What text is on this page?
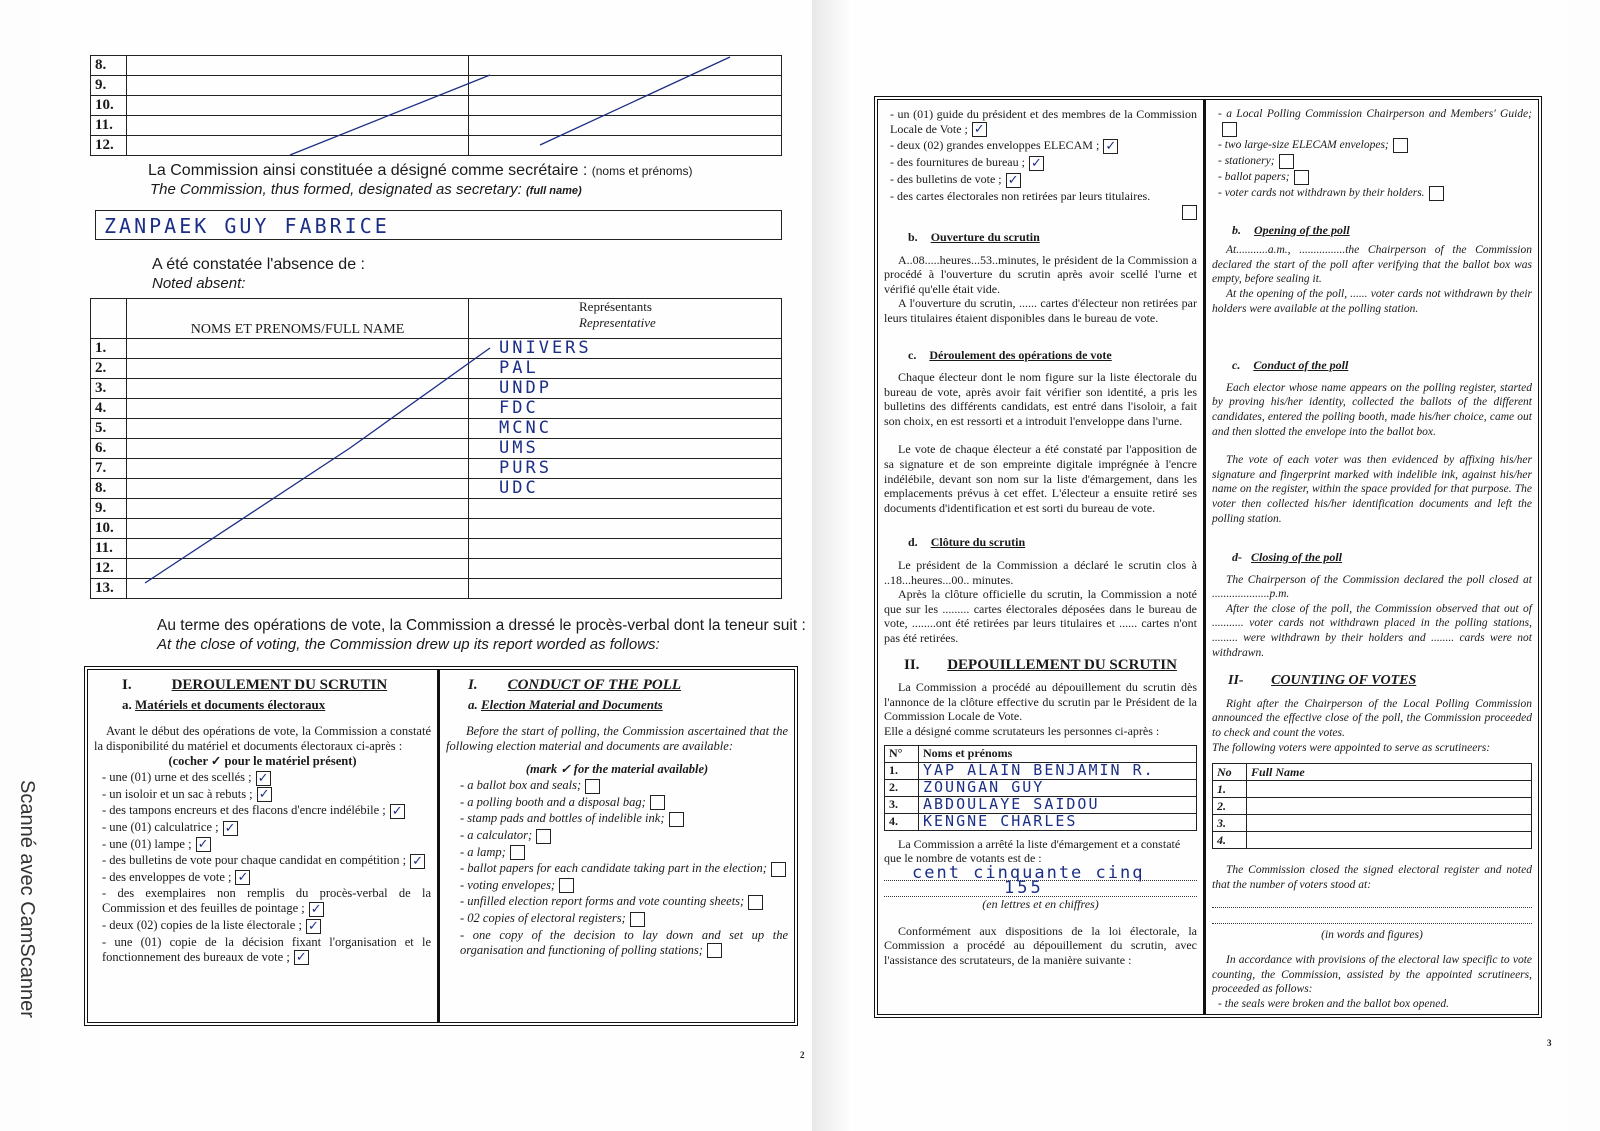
8.		
9.		
10.		
11.		
12.		
La Commission ainsi constituée a désigné comme secrétaire : (noms et prénoms)
The Commission, thus formed, designated as secretary: (full name)
ZANPAEK GUY FABRICE
A été constatée l'absence de :
Noted absent:
	NOMS ET PRENOMS/FULL NAME	Représentants
Representative

1.		UNIVERS
2.		PAL
3.		UNDP
4.		FDC
5.		MCNC
6.		UMS
7.		PURS
8.		UDC
9.		
10.		
11.		
12.		
13.		
Au terme des opérations de vote, la Commission a dressé le procès-verbal dont la teneur suit :
At the close of voting, the Commission drew up its report worded as follows:
I.	DEROULEMENT DU SCRUTIN
a. Matériels et documents électoraux

Avant le début des opérations de vote, la Commission a constaté la disponibilité du matériel et documents électoraux ci-après :

(cocher ✓ pour le matériel présent)

- une (01) urne et des scellés ; ✓
- un isoloir et un sac à rebuts ; ✓
- des tampons encreurs et des flacons d'encre indélébile ; ✓
- une (01) calculatrice ; ✓
- une (01) lampe ; ✓
- des bulletins de vote pour chaque candidat en compétition ; ✓
- des enveloppes de vote ; ✓
- des exemplaires non remplis du procès-verbal de la Commission et des feuilles de pointage ; ✓
- deux (02) copies de la liste électorale ; ✓
- une (01) copie de la décision fixant l'organisation et le fonctionnement des bureaux de vote ; ✓
I. CONDUCT OF THE POLL
a. Election Material and Documents

Before the start of polling, the Commission ascertained that the following election material and documents are available:

(mark ✓ for the material available)

- a ballot box and seals;
- a polling booth and a disposal bag;
- stamp pads and bottles of indelible ink;
- a calculator;
- a lamp;
- ballot papers for each candidate taking part in the election;
- voting envelopes;
- unfilled election report forms and vote counting sheets;
- 02 copies of electoral registers;
- one copy of the decision to lay down and set up the organisation and functioning of polling stations;
2
- un (01) guide du président et des membres de la Commission Locale de Vote ; ✓
- deux (02) grandes enveloppes ELECAM ; ✓
- des fournitures de bureau ; ✓
- des bulletins de vote ; ✓
- des cartes électorales non retirées par leurs titulaires.
b. Ouverture du scrutin

A..08.....heures...53..minutes, le président de la Commission a procédé à l'ouverture du scrutin après avoir scellé l'urne et vérifié qu'elle était vide.

A l'ouverture du scrutin, ...... cartes d'électeur non retirées par leurs titulaires étaient disponibles dans le bureau de vote.

c. Déroulement des opérations de vote

Chaque électeur dont le nom figure sur la liste électorale du bureau de vote, après avoir fait vérifier son identité, a pris les bulletins des différents candidats, est entré dans l'isoloir, a fait son choix, en est ressorti et a introduit l'enveloppe dans l'urne.

Le vote de chaque électeur a été constaté par l'apposition de sa signature et de son empreinte digitale imprégnée à l'encre indélébile, devant son nom sur la liste d'émargement, dans les emplacements prévus à cet effet. L'électeur a ensuite retiré ses documents d'identification et est sorti du bureau de vote.

d. Clôture du scrutin

Le président de la Commission a déclaré le scrutin clos à ..18...heures...00.. minutes.

Après la clôture officielle du scrutin, la Commission a noté que sur les ......... cartes électorales déposées dans le bureau de vote, ........ont été retirées par leurs titulaires et ...... cartes n'ont pas été retirées.

II. DEPOUILLEMENT DU SCRUTIN

La Commission a procédé au dépouillement du scrutin dès l'annonce de la clôture effective du scrutin par le Président de la Commission Locale de Vote.

Elle a désigné comme scrutateurs les personnes ci-après :

N°	Noms et prénoms
1.	YAP ALAIN BENJAMIN R.
2.	ZOUNGAN GUY
3.	ABDOULAYE SAIDOU
4.	KENGNE CHARLES

La Commission a arrêté la liste d'émargement et a constaté que le nombre de votants est de :

cent cinquante cinq
155

(en lettres et en chiffres)

Conformément aux dispositions de la loi électorale, la Commission a procédé au dépouillement du scrutin, avec l'assistance des scrutateurs, de la manière suivante :

- a Local Polling Commission Chairperson and Members' Guide;
- two large-size ELECAM envelopes;
- stationery;
- ballot papers;
- voter cards not withdrawn by their holders.
b. Opening of the poll

At...........a.m., ................the Chairperson of the Commission declared the start of the poll after verifying that the ballot box was empty, before sealing it.

At the opening of the poll, ...... voter cards not withdrawn by their holders were available at the polling station.

c. Conduct of the poll

Each elector whose name appears on the polling register, started by proving his/her identity, collected the ballots of the different candidates, entered the polling booth, made his/her choice, came out and then slotted the envelope into the ballot box.

The vote of each voter was then evidenced by affixing his/her signature and fingerprint marked with indelible ink, against his/her name on the register, within the space provided for that purpose. The voter then collected his/her identification documents and left the polling station.

d- Closing of the poll

The Chairperson of the Commission declared the poll closed at ....................p.m.

After the close of the poll, the Commission observed that out of ........... voter cards not withdrawn placed in the polling stations, ......... were withdrawn by their holders and ........ cards were not withdrawn.

II- COUNTING OF VOTES

Right after the Chairperson of the Local Polling Commission announced the effective close of the poll, the Commission proceeded to check and count the votes.

The following voters were appointed to serve as scrutineers:

No	Full Name
1.	
2.	
3.	
4.	

The Commission closed the signed electoral register and noted that the number of voters stood at:

(in words and figures)

In accordance with provisions of the electoral law specific to vote counting, the Commission, assisted by the appointed scrutineers, proceeded as follows:

- the seals were broken and the ballot box opened.

3
Scanné avec CamScanner
